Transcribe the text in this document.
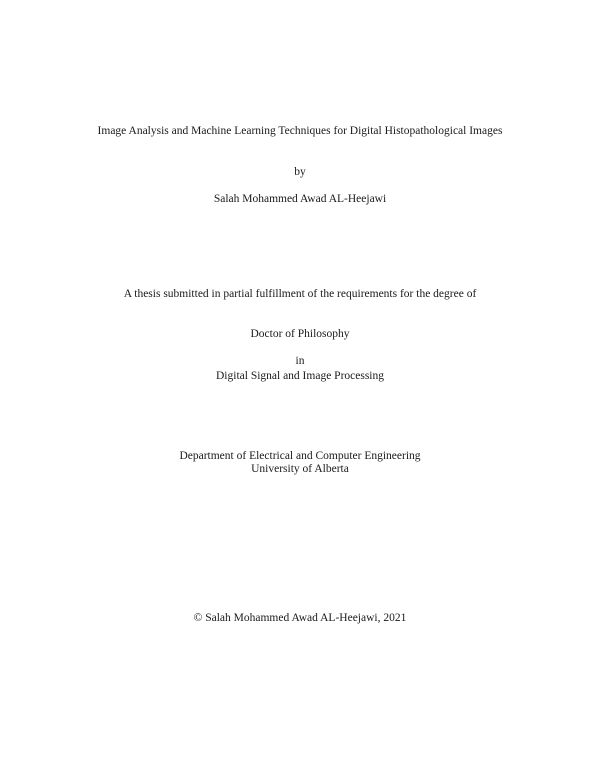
Image Analysis and Machine Learning Techniques for Digital Histopathological Images
by
Salah Mohammed Awad AL-Heejawi
A thesis submitted in partial fulfillment of the requirements for the degree of
Doctor of Philosophy
in
Digital Signal and Image Processing
Department of Electrical and Computer Engineering
University of Alberta
© Salah Mohammed Awad AL-Heejawi, 2021
